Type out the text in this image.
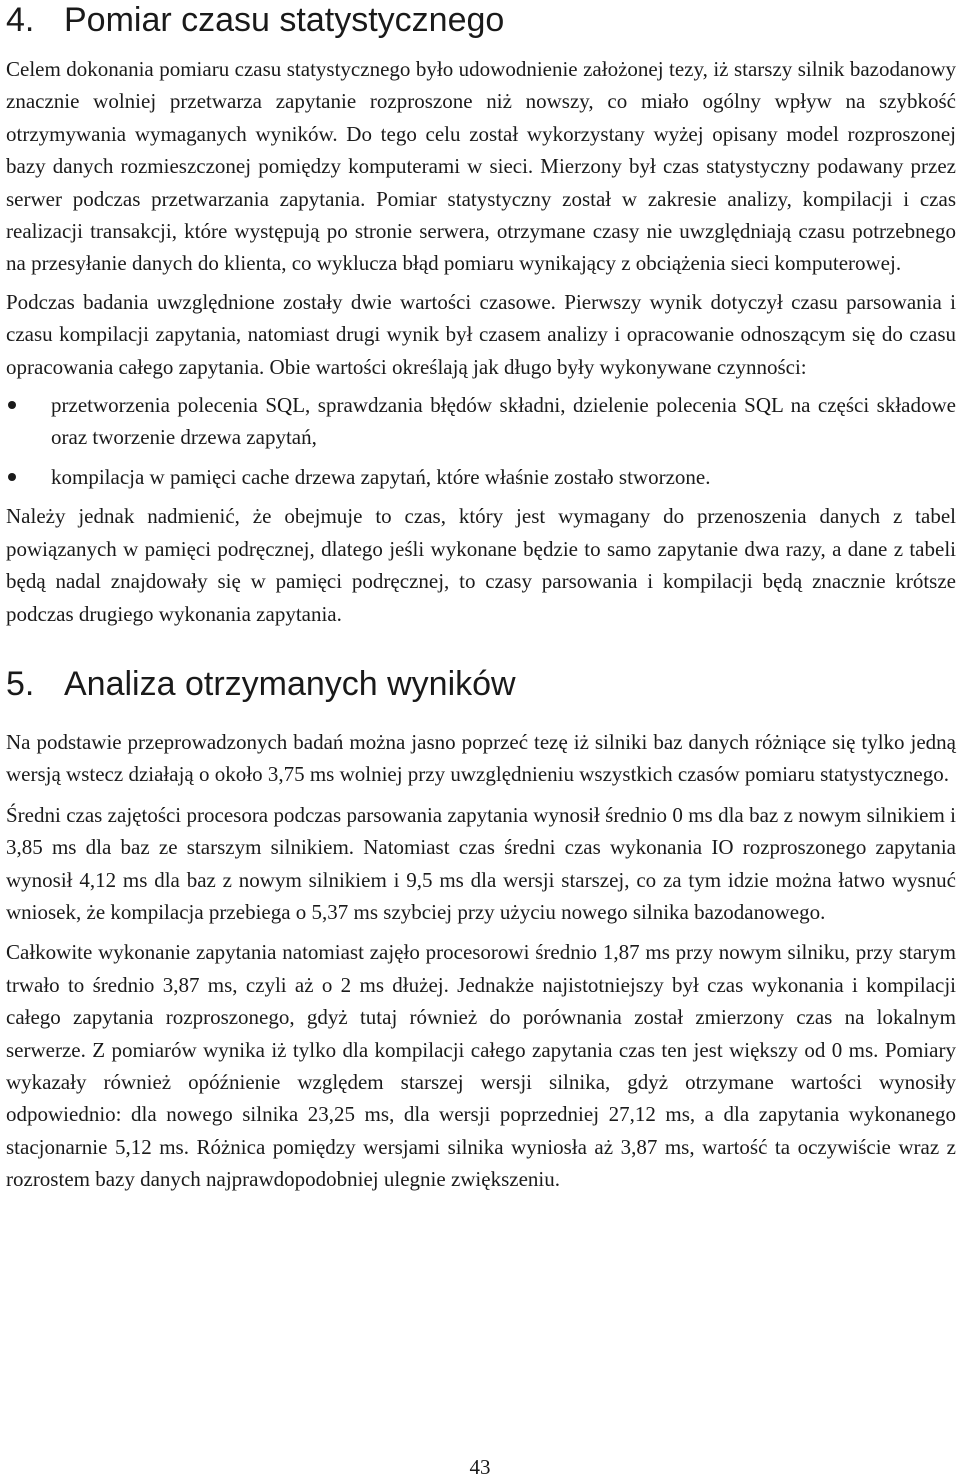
4. Pomiar czasu statystycznego

Celem dokonania pomiaru czasu statystycznego było udowodnienie założonej tezy, iż starszy silnik bazodanowy znacznie wolniej przetwarza zapytanie rozproszone niż nowszy, co miało ogólny wpływ na szybkość otrzymywania wymaganych wyników. Do tego celu został wykorzystany wyżej opisany model rozproszonej bazy danych rozmieszczonej pomiędzy komputerami w sieci. Mierzony był czas statystyczny podawany przez serwer podczas przetwarzania zapytania. Pomiar statystyczny został w zakresie analizy, kompilacji i czas realizacji transakcji, które występują po stronie serwera, otrzymane czasy nie uwzględniają czasu potrzebnego na przesyłanie danych do klienta, co wyklucza błąd pomiaru wynikający z obciążenia sieci komputerowej.

Podczas badania uwzględnione zostały dwie wartości czasowe. Pierwszy wynik dotyczył czasu parsowania i czasu kompilacji zapytania, natomiast drugi wynik był czasem analizy i opracowanie odnoszącym się do czasu opracowania całego zapytania. Obie wartości określają jak długo były wykonywane czynności:

przetworzenia polecenia SQL, sprawdzania błędów składni, dzielenie polecenia SQL na części składowe oraz tworzenie drzewa zapytań,
kompilacja w pamięci cache drzewa zapytań, które właśnie zostało stworzone.

Należy jednak nadmienić, że obejmuje to czas, który jest wymagany do przenoszenia danych z tabel powiązanych w pamięci podręcznej, dlatego jeśli wykonane będzie to samo zapytanie dwa razy, a dane z tabeli będą nadal znajdowały się w pamięci podręcznej, to czasy parsowania i kompilacji będą znacznie krótsze podczas drugiego wykonania zapytania.

5. Analiza otrzymanych wyników

Na podstawie przeprowadzonych badań można jasno poprzeć tezę iż silniki baz danych różniące się tylko jedną wersją wstecz działają o około 3,75 ms wolniej przy uwzględnieniu wszystkich czasów pomiaru statystycznego.

Średni czas zajętości procesora podczas parsowania zapytania wynosił średnio 0 ms dla baz z nowym silnikiem i 3,85 ms dla baz ze starszym silnikiem. Natomiast czas średni czas wykonania IO rozproszonego zapytania wynosił 4,12 ms dla baz z nowym silnikiem i 9,5 ms dla wersji starszej, co za tym idzie można łatwo wysnuć wniosek, że kompilacja przebiega o 5,37 ms szybciej przy użyciu nowego silnika bazodanowego.

Całkowite wykonanie zapytania natomiast zajęło procesorowi średnio 1,87 ms przy nowym silniku, przy starym trwało to średnio 3,87 ms, czyli aż o 2 ms dłużej. Jednakże najistotniejszy był czas wykonania i kompilacji całego zapytania rozproszonego, gdyż tutaj również do porównania został zmierzony czas na lokalnym serwerze. Z pomiarów wynika iż tylko dla kompilacji całego zapytania czas ten jest większy od 0 ms. Pomiary wykazały również opóźnienie względem starszej wersji silnika, gdyż otrzymane wartości wynosiły odpowiednio: dla nowego silnika 23,25 ms, dla wersji poprzedniej 27,12 ms, a dla zapytania wykonanego stacjonarnie 5,12 ms. Różnica pomiędzy wersjami silnika wyniosła aż 3,87 ms, wartość ta oczywiście wraz z rozrostem bazy danych najprawdopodobniej ulegnie zwiększeniu.

43
